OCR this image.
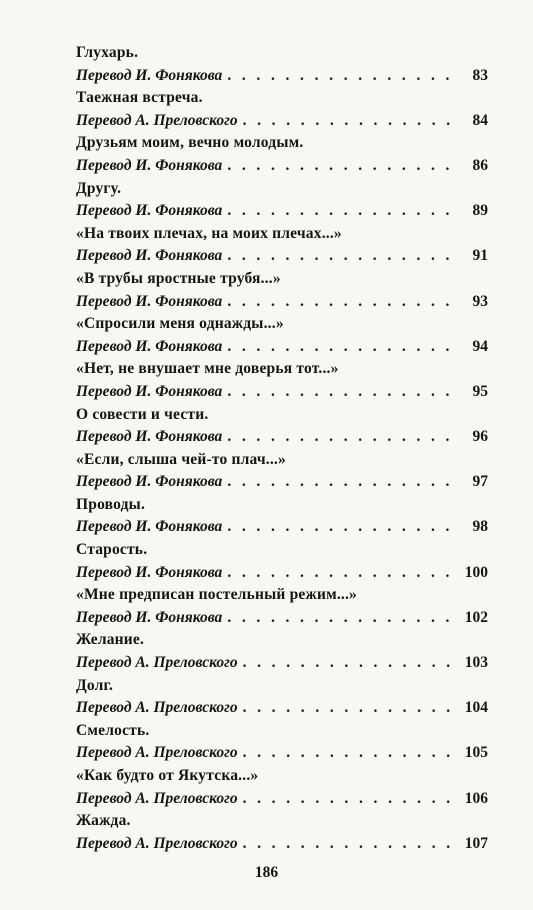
Глухарь.
Перевод И. Фонякова . . .	83
Таежная встреча.
Перевод А. Преловского . . .	84
Друзьям моим, вечно молодым.
Перевод И. Фонякова . . .	86
Другу.
Перевод И. Фонякова . . .	89
«На твоих плечах, на моих плечах...»
Перевод И. Фонякова . . .	91
«В трубы яростные трубя...»
Перевод И. Фонякова . . .	93
«Спросили меня однажды...»
Перевод И. Фонякова . . .	94
«Нет, не внушает мне доверья тот...»
Перевод И. Фонякова . . .	95
О совести и чести.
Перевод И. Фонякова . . .	96
«Если, слыша чей-то плач...»
Перевод И. Фонякова . . .	97
Проводы.
Перевод И. Фонякова . . .	98
Старость.
Перевод И. Фонякова . . .	100
«Мне предписан постельный режим...»
Перевод И. Фонякова . . .	102
Желание.
Перевод А. Преловского . . .	103
Долг.
Перевод А. Преловского . . .	104
Смелость.
Перевод А. Преловского . . .	105
«Как будто от Якутска...»
Перевод А. Преловского . . .	106
Жажда.
Перевод А. Преловского . . .	107
186
